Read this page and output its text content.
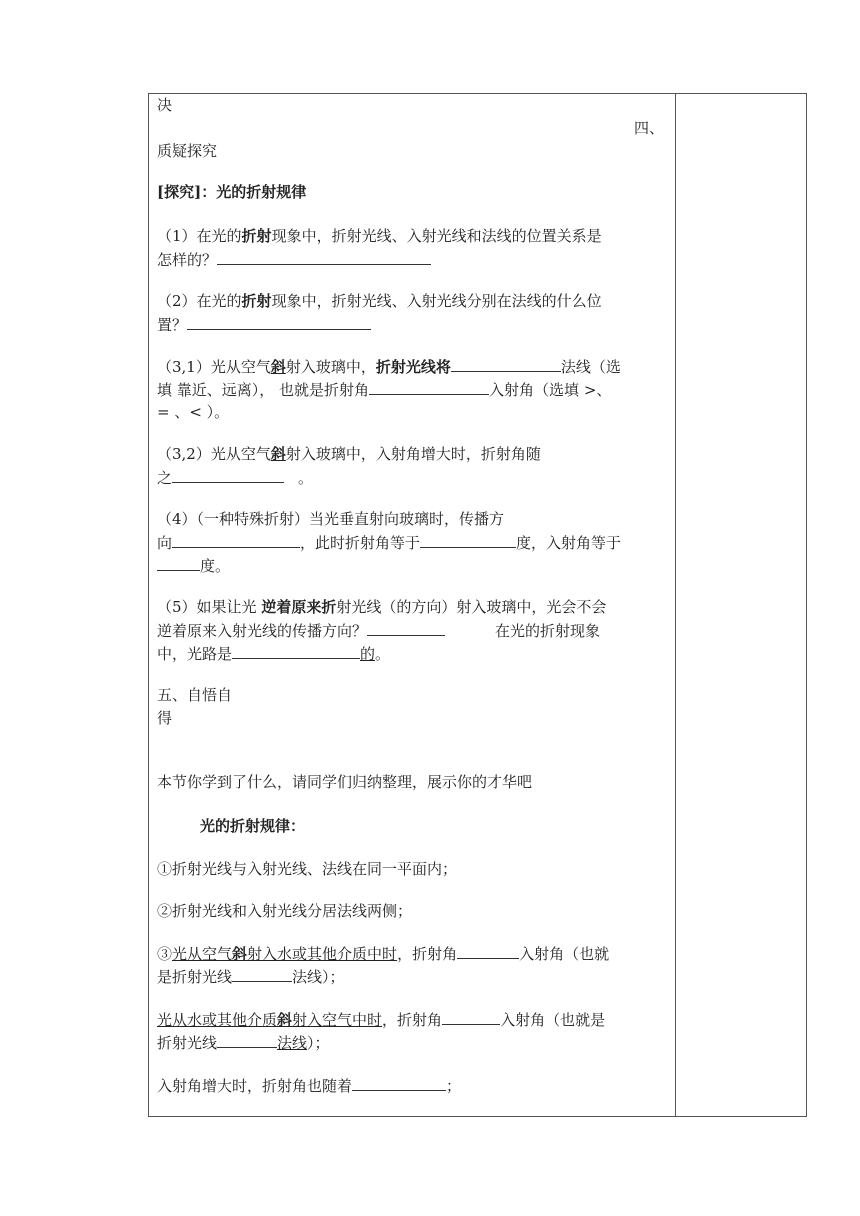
决
四、
质疑探究
[探究]：光的折射规律
（1）在光的折射现象中，折射光线、入射光线和法线的位置关系是
怎样的？
（2）在光的折射现象中，折射光线、入射光线分别在法线的什么位
置？
（3,1）光从空气斜射入玻璃中，折射光线将	法线（选
填 靠近、远离）， 也就是折射角	入射角（选填 >、
= 、< ）。
（3,2）光从空气斜射入玻璃中，入射角增大时，折射角随
之	。
（4）（一种特殊折射）当光垂直射向玻璃时，传播方
向	，此时折射角等于	度，入射角等于
度。
（5）如果让光 逆着原来折射光线（的方向）射入玻璃中，光会不会
逆着原来入射光线的传播方向？	在光的折射现象
中，光路是	的。
五、自悟自
得
本节你学到了什么，请同学们归纳整理，展示你的才华吧
光的折射规律：
①折射光线与入射光线、法线在同一平面内；
②折射光线和入射光线分居法线两侧；
③光从空气斜射入水或其他介质中时，折射角	入射角（也就
是折射光线	法线）；
光从水或其他介质斜射入空气中时，折射角	入射角（也就是
折射光线	法线）；
入射角增大时，折射角也随着	；
